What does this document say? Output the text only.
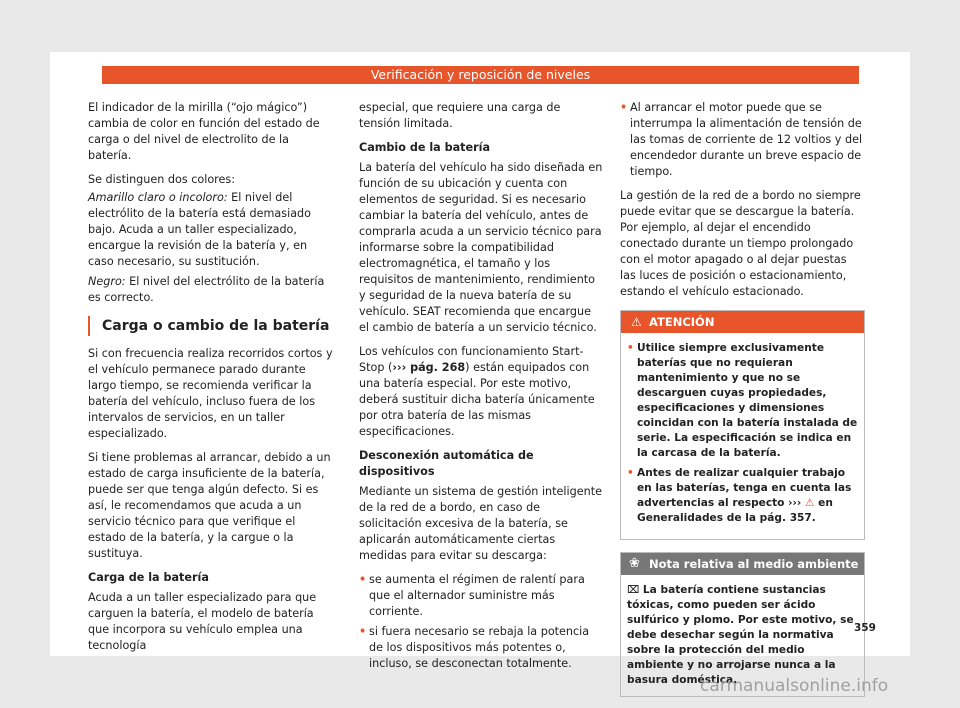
Verificación y reposición de niveles

El indicador de la mirilla (“ojo mágico”) cambia de color en función del estado de carga o del nivel de electrolito de la batería.

Se distinguen dos colores:

Amarillo claro o incoloro: El nivel del electrólito de la batería está demasiado bajo. Acuda a un taller especializado, encargue la revisión de la batería y, en caso necesario, su sustitución.
Negro: El nivel del electrólito de la batería es correcto.
Carga o cambio de la batería

Si con frecuencia realiza recorridos cortos y el vehículo permanece parado durante largo tiempo, se recomienda verificar la batería del vehículo, incluso fuera de los intervalos de servicios, en un taller especializado.

Si tiene problemas al arrancar, debido a un estado de carga insuficiente de la batería, puede ser que tenga algún defecto. Si es así, le recomendamos que acuda a un servicio técnico para que verifique el estado de la batería, y la cargue o la sustituya.

Carga de la batería

Acuda a un taller especializado para que carguen la batería, el modelo de batería que incorpora su vehículo emplea una tecnología

especial, que requiere una carga de tensión limitada.

Cambio de la batería

La batería del vehículo ha sido diseñada en función de su ubicación y cuenta con elementos de seguridad. Si es necesario cambiar la batería del vehículo, antes de comprarla acuda a un servicio técnico para informarse sobre la compatibilidad electromagnética, el tamaño y los requisitos de mantenimiento, rendimiento y seguridad de la nueva batería de su vehículo. SEAT recomienda que encargue el cambio de batería a un servicio técnico.

Los vehículos con funcionamiento Start-Stop (››› pág. 268) están equipados con una batería especial. Por este motivo, deberá sustituir dicha batería únicamente por otra batería de las mismas especificaciones.

Desconexión automática de dispositivos

Mediante un sistema de gestión inteligente de la red de a bordo, en caso de solicitación excesiva de la batería, se aplicarán automáticamente ciertas medidas para evitar su descarga:

• se aumenta el régimen de ralentí para que el alternador suministre más corriente.
• si fuera necesario se rebaja la potencia de los dispositivos más potentes o, incluso, se desconectan totalmente.
• Al arrancar el motor puede que se interrumpa la alimentación de tensión de las tomas de corriente de 12 voltios y del encendedor durante un breve espacio de tiempo.

La gestión de la red de a bordo no siempre puede evitar que se descargue la batería. Por ejemplo, al dejar el encendido conectado durante un tiempo prolongado con el motor apagado o al dejar puestas las luces de posición o estacionamiento, estando el vehículo estacionado.

⚠ ATENCIÓN
• Utilice siempre exclusivamente baterías que no requieran mantenimiento y que no se descarguen cuyas propiedades, especificaciones y dimensiones coincidan con la batería instalada de serie. La especificación se indica en la carcasa de la batería.
• Antes de realizar cualquier trabajo en las baterías, tenga en cuenta las advertencias al respecto ››› ⚠ en Generalidades de la pág. 357.
❀ Nota relativa al medio ambiente
⌧ La batería contiene sustancias tóxicas, como pueden ser ácido sulfúrico y plomo. Por este motivo, se debe desechar según la normativa sobre la protección del medio ambiente y no arrojarse nunca a la basura doméstica.
359
carmanualsonline.info
